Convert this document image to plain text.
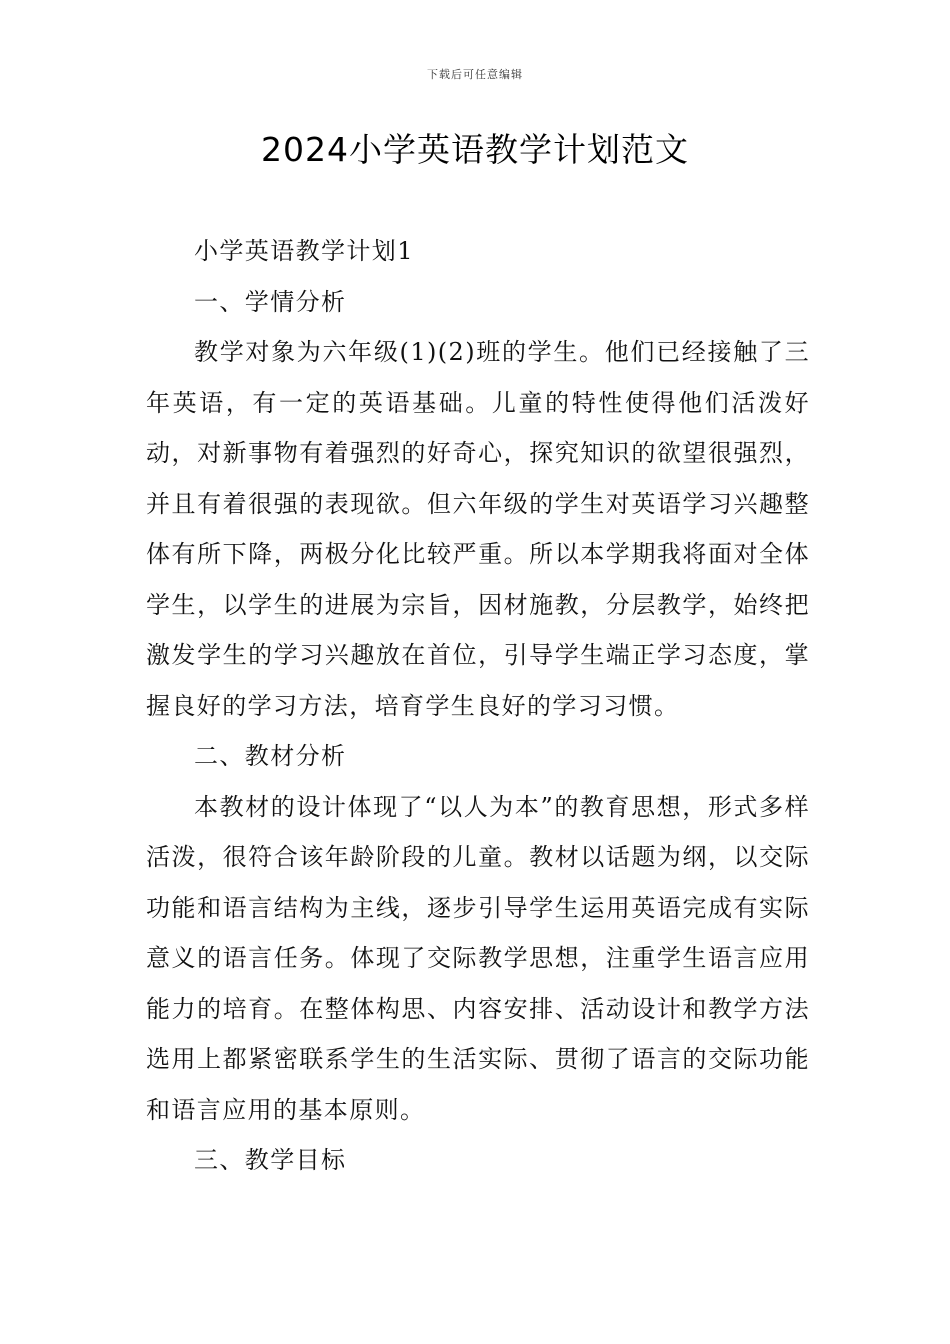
下载后可任意编辑
2024小学英语教学计划范文

小学英语教学计划1

一、学情分析

教学对象为六年级(1)(2)班的学生。他们已经接触了三年英语，有一定的英语基础。儿童的特性使得他们活泼好动，对新事物有着强烈的好奇心，探究知识的欲望很强烈，并且有着很强的表现欲。但六年级的学生对英语学习兴趣整体有所下降，两极分化比较严重。所以本学期我将面对全体学生，以学生的进展为宗旨，因材施教，分层教学，始终把激发学生的学习兴趣放在首位，引导学生端正学习态度，掌握良好的学习方法，培育学生良好的学习习惯。

二、教材分析

本教材的设计体现了“以人为本”的教育思想，形式多样活泼，很符合该年龄阶段的儿童。教材以话题为纲，以交际功能和语言结构为主线，逐步引导学生运用英语完成有实际意义的语言任务。体现了交际教学思想，注重学生语言应用能力的培育。在整体构思、内容安排、活动设计和教学方法选用上都紧密联系学生的生活实际、贯彻了语言的交际功能和语言应用的基本原则。

三、教学目标
